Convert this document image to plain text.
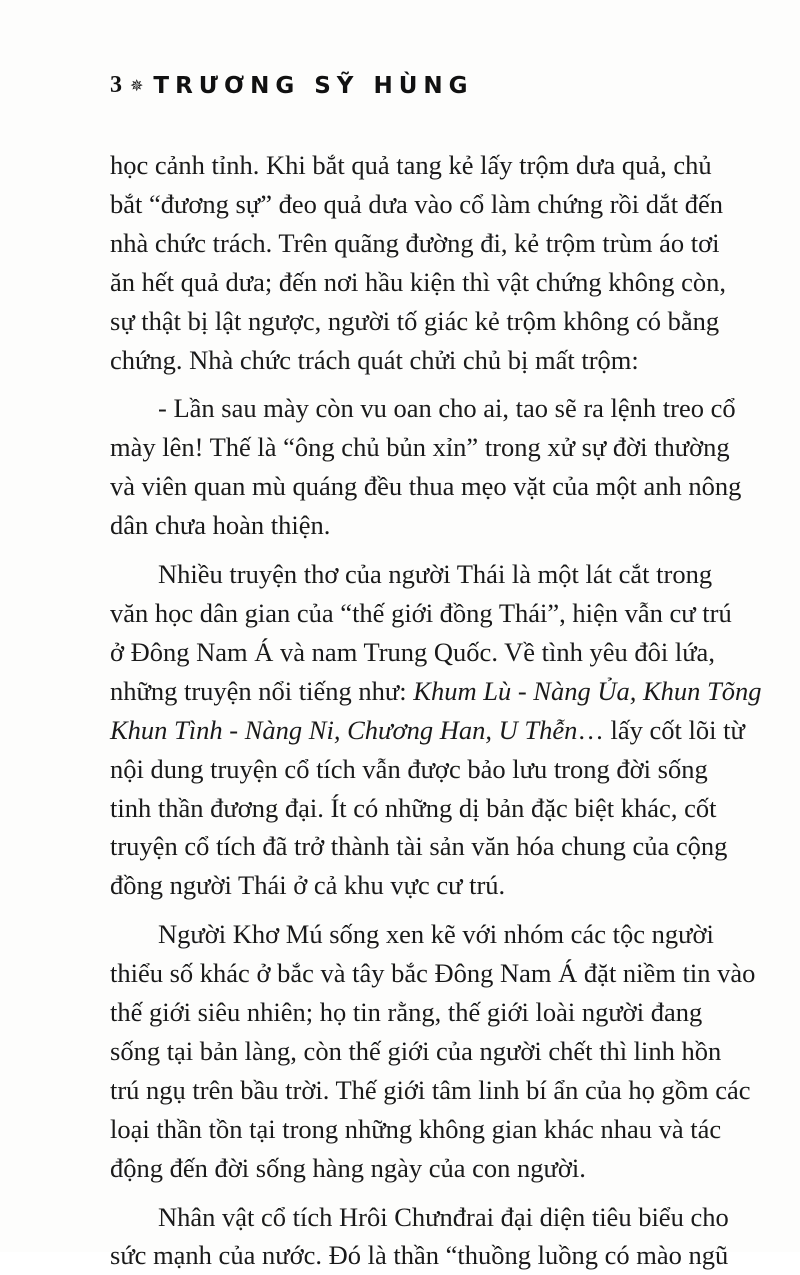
3 ✵ TRƯƠNG SỸ HÙNG

học cảnh tỉnh. Khi bắt quả tang kẻ lấy trộm dưa quả, chủ

bắt “đương sự” đeo quả dưa vào cổ làm chứng rồi dắt đến

nhà chức trách. Trên quãng đường đi, kẻ trộm trùm áo tơi

ăn hết quả dưa; đến nơi hầu kiện thì vật chứng không còn,

sự thật bị lật ngược, người tố giác kẻ trộm không có bằng

chứng. Nhà chức trách quát chửi chủ bị mất trộm:

- Lần sau mày còn vu oan cho ai, tao sẽ ra lệnh treo cổ

mày lên! Thế là “ông chủ bủn xỉn” trong xử sự đời thường

và viên quan mù quáng đều thua mẹo vặt của một anh nông

dân chưa hoàn thiện.

Nhiều truyện thơ của người Thái là một lát cắt trong

văn học dân gian của “thế giới đồng Thái”, hiện vẫn cư trú

ở Đông Nam Á và nam Trung Quốc. Về tình yêu đôi lứa,

những truyện nổi tiếng như: Khum Lù - Nàng Ủa, Khun Tõng

Khun Tình - Nàng Ni, Chương Han, U Thễn… lấy cốt lõi từ

nội dung truyện cổ tích vẫn được bảo lưu trong đời sống

tinh thần đương đại. Ít có những dị bản đặc biệt khác, cốt

truyện cổ tích đã trở thành tài sản văn hóa chung của cộng

đồng người Thái ở cả khu vực cư trú.

Người Khơ Mú sống xen kẽ với nhóm các tộc người

thiểu số khác ở bắc và tây bắc Đông Nam Á đặt niềm tin vào

thế giới siêu nhiên; họ tin rằng, thế giới loài người đang

sống tại bản làng, còn thế giới của người chết thì linh hồn

trú ngụ trên bầu trời. Thế giới tâm linh bí ẩn của họ gồm các

loại thần tồn tại trong những không gian khác nhau và tác

động đến đời sống hàng ngày của con người.

Nhân vật cổ tích Hrôi Chưnđrai đại diện tiêu biểu cho

sức mạnh của nước. Đó là thần “thuồng luồng có mào ngũ
